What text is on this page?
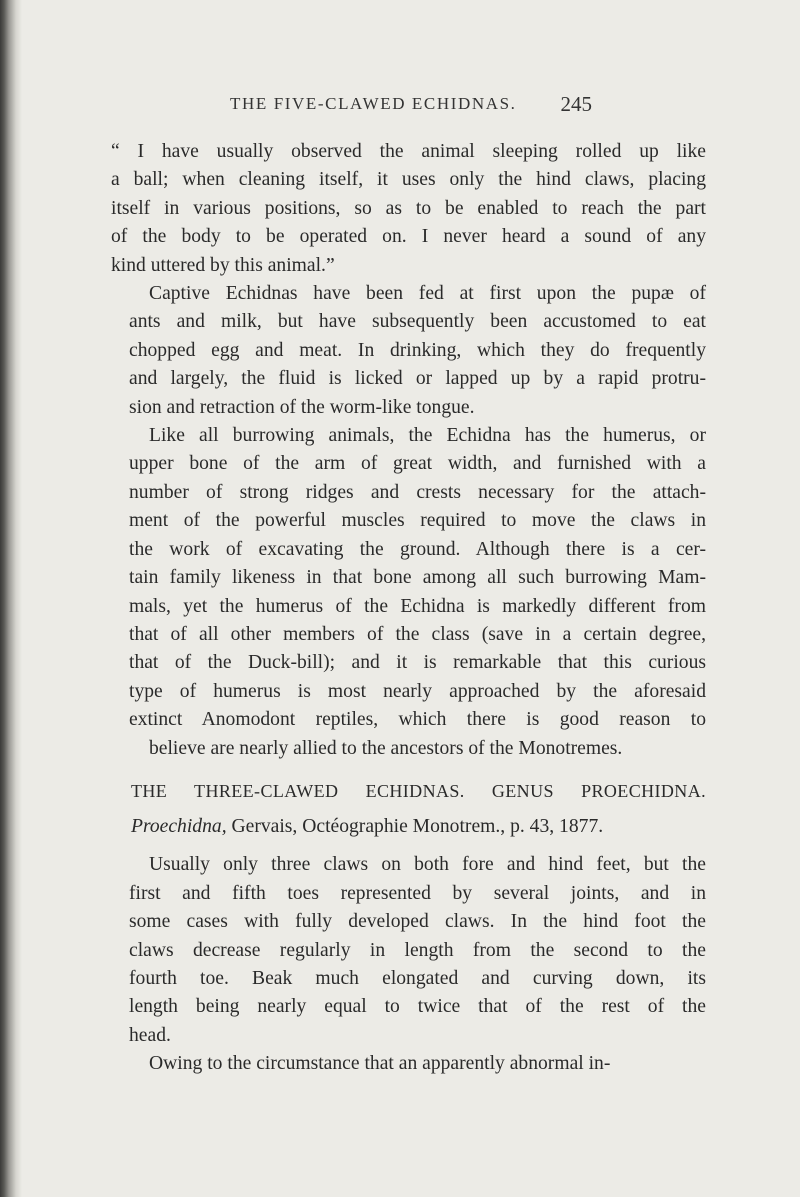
THE FIVE-CLAWED ECHIDNAS. 245
“ I have usually observed the animal sleeping rolled up like
a ball; when cleaning itself, it uses only the hind claws, placing
itself in various positions, so as to be enabled to reach the part
of the body to be operated on. I never heard a sound of any
kind uttered by this animal.”
Captive Echidnas have been fed at first upon the pupæ of
ants and milk, but have subsequently been accustomed to eat
chopped egg and meat. In drinking, which they do frequently
and largely, the fluid is licked or lapped up by a rapid protru-
sion and retraction of the worm-like tongue.
Like all burrowing animals, the Echidna has the humerus, or
upper bone of the arm of great width, and furnished with a
number of strong ridges and crests necessary for the attach-
ment of the powerful muscles required to move the claws in
the work of excavating the ground. Although there is a cer-
tain family likeness in that bone among all such burrowing Mam-
mals, yet the humerus of the Echidna is markedly different from
that of all other members of the class (save in a certain degree,
that of the Duck-bill); and it is remarkable that this curious
type of humerus is most nearly approached by the aforesaid
extinct Anomodont reptiles, which there is good reason to
believe are nearly allied to the ancestors of the Monotremes.
THE THREE-CLAWED ECHIDNAS. GENUS PROECHIDNA.
Proechidna, Gervais, Octéographie Monotrem., p. 43, 1877.
Usually only three claws on both fore and hind feet, but the
first and fifth toes represented by several joints, and in
some cases with fully developed claws. In the hind foot the
claws decrease regularly in length from the second to the
fourth toe. Beak much elongated and curving down, its
length being nearly equal to twice that of the rest of the
head.
Owing to the circumstance that an apparently abnormal in-
